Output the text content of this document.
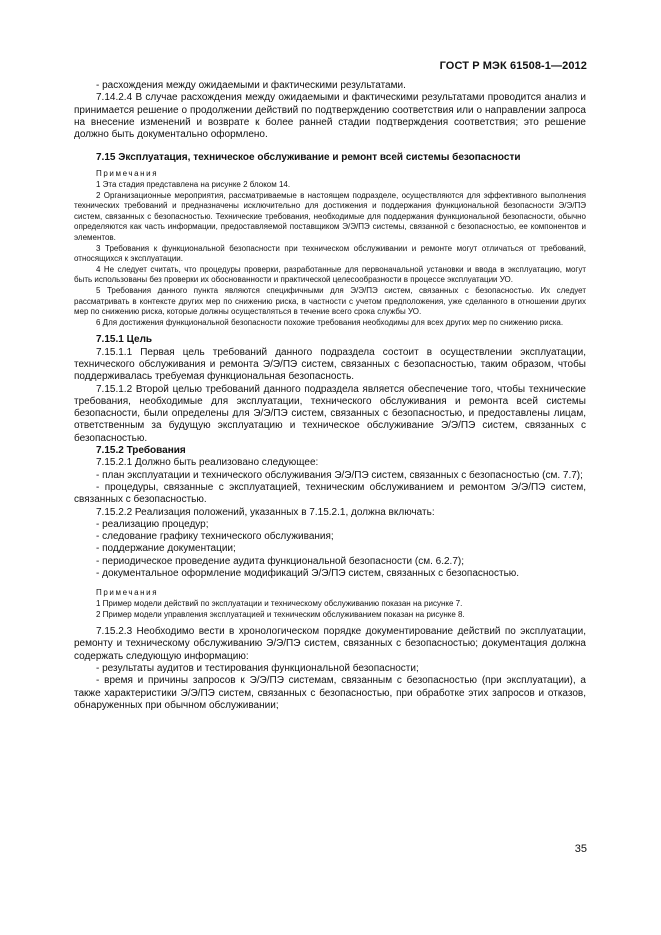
ГОСТ Р МЭК 61508-1—2012

- расхождения между ожидаемыми и фактическими результатами.

7.14.2.4 В случае расхождения между ожидаемыми и фактическими результатами проводится анализ и принимается решение о продолжении действий по подтверждению соответствия или о направлении запроса на внесение изменений и возврате к более ранней стадии подтверждения соответствия; это решение должно быть документально оформлено.

7.15 Эксплуатация, техническое обслуживание и ремонт всей системы безопасности

Примечания

1 Эта стадия представлена на рисунке 2 блоком 14.

2 Организационные мероприятия, рассматриваемые в настоящем подразделе, осуществляются для эффективного выполнения технических требований и предназначены исключительно для достижения и поддержания функциональной безопасности Э/Э/ПЭ систем, связанных с безопасностью. Технические требования, необходимые для поддержания функциональной безопасности, обычно определяются как часть информации, предоставляемой поставщиком Э/Э/ПЭ системы, связанной с безопасностью, ее компонентов и элементов.

3 Требования к функциональной безопасности при техническом обслуживании и ремонте могут отличаться от требований, относящихся к эксплуатации.

4 Не следует считать, что процедуры проверки, разработанные для первоначальной установки и ввода в эксплуатацию, могут быть использованы без проверки их обоснованности и практической целесообразности в процессе эксплуатации УО.

5 Требования данного пункта являются специфичными для Э/Э/ПЭ систем, связанных с безопасностью. Их следует рассматривать в контексте других мер по снижению риска, в частности с учетом предположения, уже сделанного в отношении других мер по снижению риска, которые должны осуществляться в течение всего срока службы УО.

6 Для достижения функциональной безопасности похожие требования необходимы для всех других мер по снижению риска.

7.15.1 Цель

7.15.1.1 Первая цель требований данного подраздела состоит в осуществлении эксплуатации, технического обслуживания и ремонта Э/Э/ПЭ систем, связанных с безопасностью, таким образом, чтобы поддерживалась требуемая функциональная безопасность.

7.15.1.2 Второй целью требований данного подраздела является обеспечение того, чтобы технические требования, необходимые для эксплуатации, технического обслуживания и ремонта всей системы безопасности, были определены для Э/Э/ПЭ систем, связанных с безопасностью, и предоставлены лицам, ответственным за будущую эксплуатацию и техническое обслуживание Э/Э/ПЭ систем, связанных с безопасностью.

7.15.2 Требования

7.15.2.1 Должно быть реализовано следующее:

- план эксплуатации и технического обслуживания Э/Э/ПЭ систем, связанных с безопасностью (см. 7.7);

- процедуры, связанные с эксплуатацией, техническим обслуживанием и ремонтом Э/Э/ПЭ систем, связанных с безопасностью.

7.15.2.2 Реализация положений, указанных в 7.15.2.1, должна включать:

- реализацию процедур;

- следование графику технического обслуживания;

- поддержание документации;

- периодическое проведение аудита функциональной безопасности (см. 6.2.7);

- документальное оформление модификаций Э/Э/ПЭ систем, связанных с безопасностью.

Примечания

1 Пример модели действий по эксплуатации и техническому обслуживанию показан на рисунке 7.

2 Пример модели управления эксплуатацией и техническим обслуживанием показан на рисунке 8.

7.15.2.3 Необходимо вести в хронологическом порядке документирование действий по эксплуатации, ремонту и техническому обслуживанию Э/Э/ПЭ систем, связанных с безопасностью; документация должна содержать следующую информацию:

- результаты аудитов и тестирования функциональной безопасности;

- время и причины запросов к Э/Э/ПЭ системам, связанным с безопасностью (при эксплуатации), а также характеристики Э/Э/ПЭ систем, связанных с безопасностью, при обработке этих запросов и отказов, обнаруженных при обычном обслуживании;

35
